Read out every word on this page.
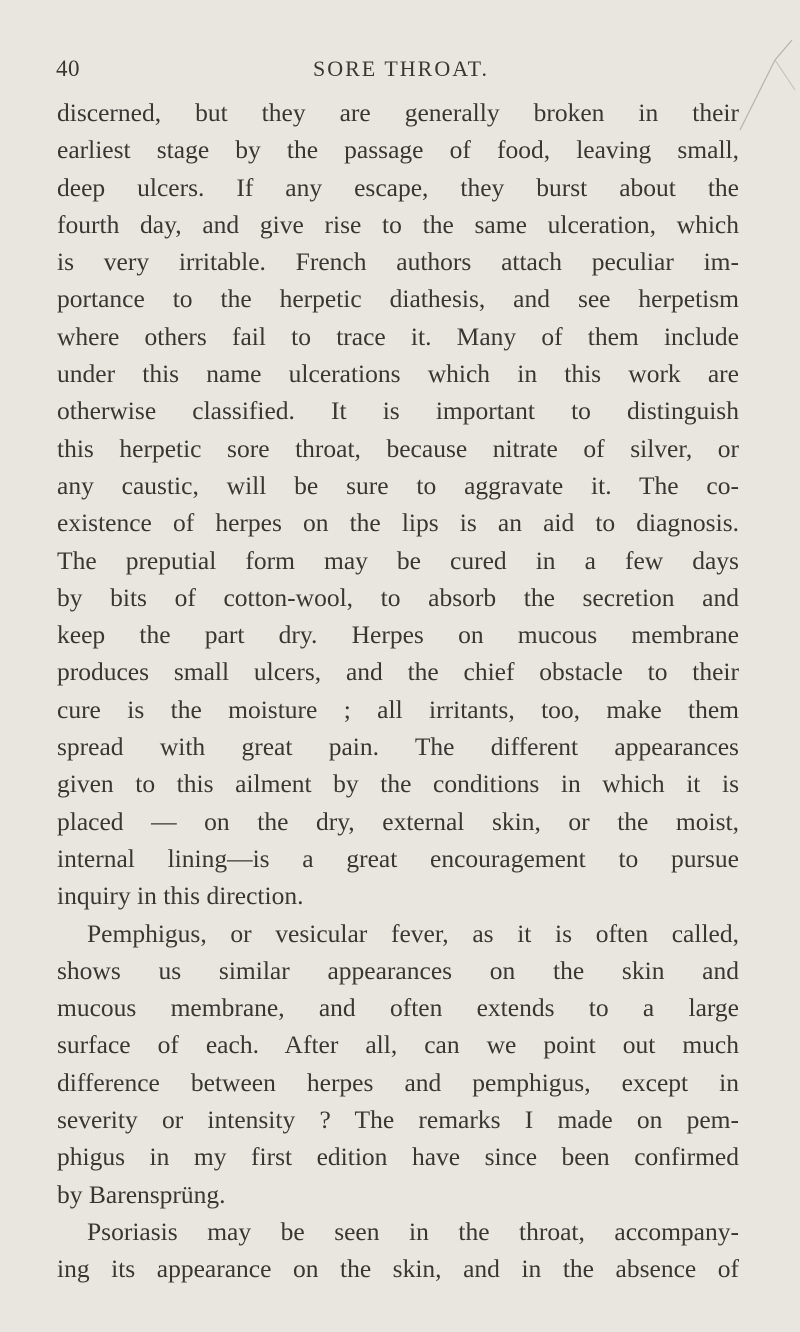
40	SORE THROAT.
discerned, but they are generally broken in their
earliest stage by the passage of food, leaving small,
deep ulcers. If any escape, they burst about the
fourth day, and give rise to the same ulceration, which
is very irritable. French authors attach peculiar im-
portance to the herpetic diathesis, and see herpetism
where others fail to trace it. Many of them include
under this name ulcerations which in this work are
otherwise classified. It is important to distinguish
this herpetic sore throat, because nitrate of silver, or
any caustic, will be sure to aggravate it. The co-
existence of herpes on the lips is an aid to diagnosis.
The preputial form may be cured in a few days
by bits of cotton-wool, to absorb the secretion and
keep the part dry. Herpes on mucous membrane
produces small ulcers, and the chief obstacle to their
cure is the moisture ; all irritants, too, make them
spread with great pain. The different appearances
given to this ailment by the conditions in which it is
placed — on the dry, external skin, or the moist,
internal lining—is a great encouragement to pursue
inquiry in this direction.
Pemphigus, or vesicular fever, as it is often called,
shows us similar appearances on the skin and
mucous membrane, and often extends to a large
surface of each. After all, can we point out much
difference between herpes and pemphigus, except in
severity or intensity ? The remarks I made on pem-
phigus in my first edition have since been confirmed
by Barensprüng.
Psoriasis may be seen in the throat, accompany-
ing its appearance on the skin, and in the absence of
